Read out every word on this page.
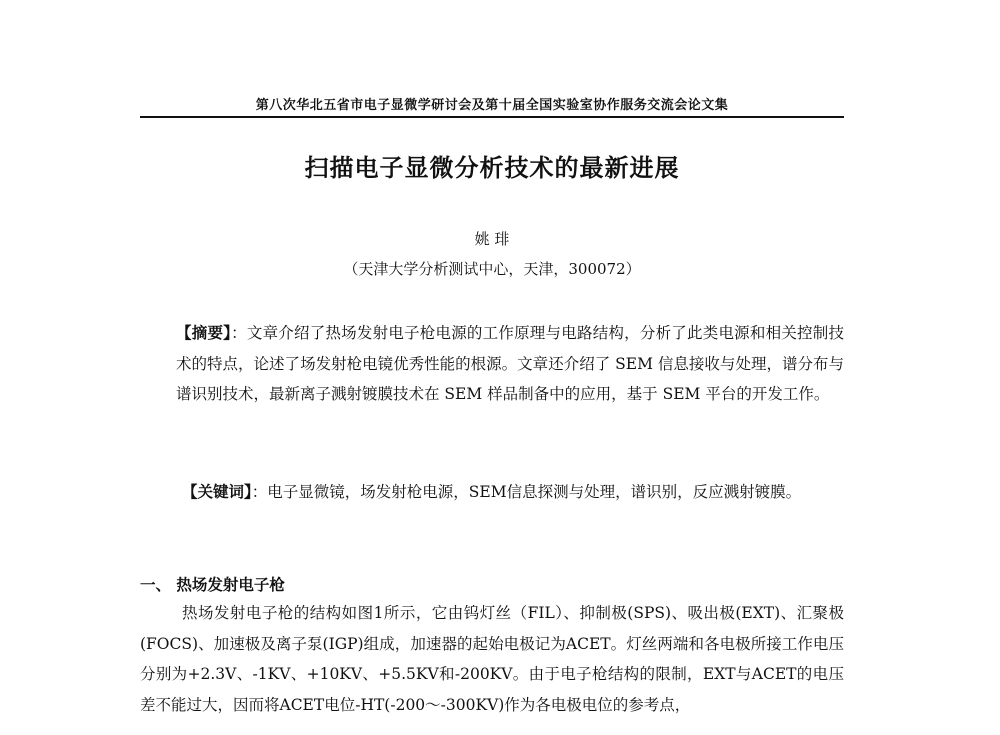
第八次华北五省市电子显微学研讨会及第十届全国实验室协作服务交流会论文集
扫描电子显微分析技术的最新进展
姚 琲
（天津大学分析测试中心，天津，300072）
【摘要】：文章介绍了热场发射电子枪电源的工作原理与电路结构，分析了此类电源和相关控制技术的特点，论述了场发射枪电镜优秀性能的根源。文章还介绍了 SEM 信息接收与处理，谱分布与谱识别技术，最新离子溅射镀膜技术在 SEM 样品制备中的应用，基于 SEM 平台的开发工作。
【关键词】：电子显微镜，场发射枪电源，SEM信息探测与处理，谱识别，反应溅射镀膜。
一、 热场发射电子枪
热场发射电子枪的结构如图1所示，它由钨灯丝（FIL）、抑制极(SPS)、吸出极(EXT)、汇聚极(FOCS)、加速极及离子泵(IGP)组成，加速器的起始电极记为ACET。灯丝两端和各电极所接工作电压分别为+2.3V、-1KV、+10KV、+5.5KV和-200KV。由于电子枪结构的限制，EXT与ACET的电压差不能过大，因而将ACET电位-HT(-200～-300KV)作为各电极电位的参考点，
